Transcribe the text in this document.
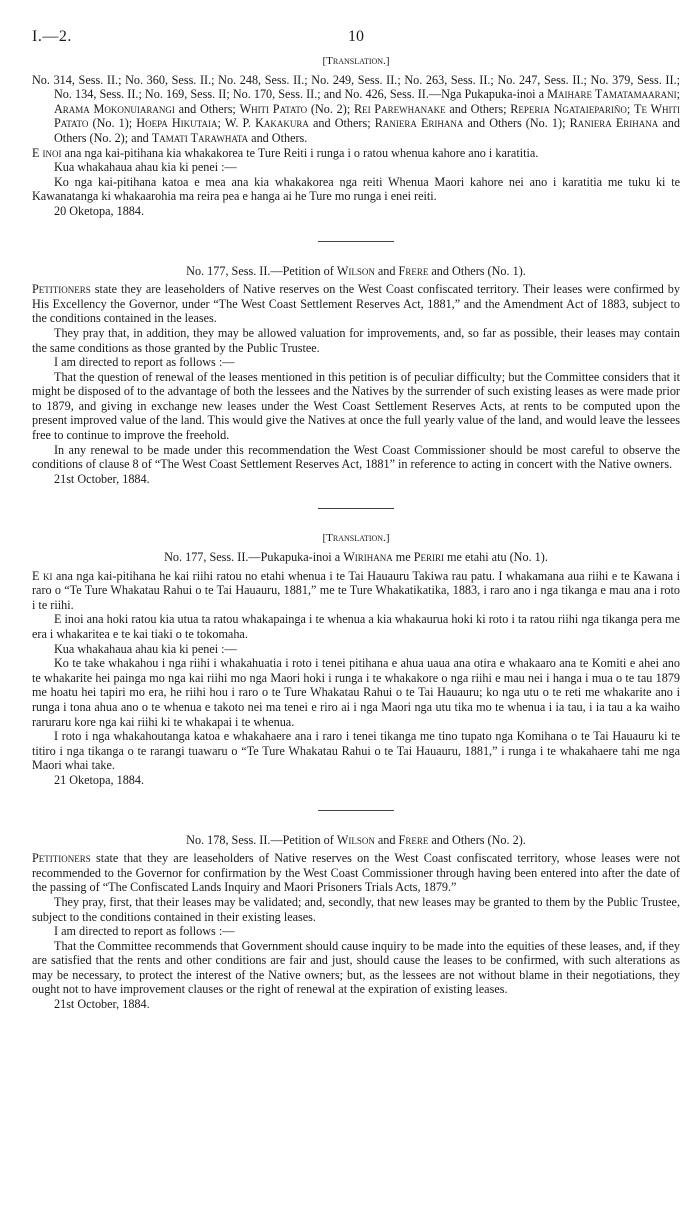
I.—2.	10

[Translation.]

No. 314, Sess. II.; No. 360, Sess. II.; No. 248, Sess. II.; No. 249, Sess. II.; No. 263, Sess. II.; No. 247, Sess. II.; No. 379, Sess. II.; No. 134, Sess. II.; No. 169, Sess. II; No. 170, Sess. II.; and No. 426, Sess. II.—Nga Pukapuka-inoi a Maihare Tamatamaarani; Arama Mokonuiarangi and Others; Whiti Patato (No. 2); Rei Parewhanake and Others; Reperia Ngataiepariño; Te Whiti Patato (No. 1); Hoepa Hikutaia; W. P. Kakakura and Others; Raniera Erihana and Others (No. 1); Raniera Erihana and Others (No. 2); and Tamati Tarawhata and Others.

E inoi ana nga kai-pitihana kia whakakorea te Ture Reiti i runga i o ratou whenua kahore ano i karatitia.

Kua whakahaua ahau kia ki penei :—

Ko nga kai-pitihana katoa e mea ana kia whakakorea nga reiti Whenua Maori kahore nei ano i karatitia me tuku ki te Kawanatanga ki whakaarohia ma reira pea e hanga ai he Ture mo runga i enei reiti.

20 Oketopa, 1884.

No. 177, Sess. II.—Petition of Wilson and Frere and Others (No. 1).

Petitioners state they are leaseholders of Native reserves on the West Coast confiscated territory. Their leases were confirmed by His Excellency the Governor, under “The West Coast Settlement Reserves Act, 1881,” and the Amendment Act of 1883, subject to the conditions contained in the leases.

They pray that, in addition, they may be allowed valuation for improvements, and, so far as possible, their leases may contain the same conditions as those granted by the Public Trustee.

I am directed to report as follows :—

That the question of renewal of the leases mentioned in this petition is of peculiar difficulty; but the Committee considers that it might be disposed of to the advantage of both the lessees and the Natives by the surrender of such existing leases as were made prior to 1879, and giving in exchange new leases under the West Coast Settlement Reserves Acts, at rents to be computed upon the present improved value of the land. This would give the Natives at once the full yearly value of the land, and would leave the lessees free to continue to improve the freehold.

In any renewal to be made under this recommendation the West Coast Commissioner should be most careful to observe the conditions of clause 8 of “The West Coast Settlement Reserves Act, 1881” in reference to acting in concert with the Native owners.

21st October, 1884.

[Translation.]

No. 177, Sess. II.—Pukapuka-inoi a Wirihana me Periri me etahi atu (No. 1).

E ki ana nga kai-pitihana he kai riihi ratou no etahi whenua i te Tai Hauauru Takiwa rau patu. I whakamana aua riihi e te Kawana i raro o “Te Ture Whakatau Rahui o te Tai Hauauru, 1881,” me te Ture Whakatikatika, 1883, i raro ano i nga tikanga e mau ana i roto i te riihi.

E inoi ana hoki ratou kia utua ta ratou whakapainga i te whenua a kia whakaurua hoki ki roto i ta ratou riihi nga tikanga pera me era i whakaritea e te kai tiaki o te tokomaha.

Kua whakahaua ahau kia ki penei :—

Ko te take whakahou i nga riihi i whakahuatia i roto i tenei pitihana e ahua uaua ana otira e whakaaro ana te Komiti e ahei ano te whakarite hei painga mo nga kai riihi mo nga Maori hoki i runga i te whakakore o nga riihi e mau nei i hanga i mua o te tau 1879 me hoatu hei tapiri mo era, he riihi hou i raro o te Ture Whakatau Rahui o te Tai Hauauru; ko nga utu o te reti me whakarite ano i runga i tona ahua ano o te whenua e takoto nei ma tenei e riro ai i nga Maori nga utu tika mo te whenua i ia tau, i ia tau a ka waiho raruraru kore nga kai riihi ki te whakapai i te whenua.

I roto i nga whakahoutanga katoa e whakahaere ana i raro i tenei tikanga me tino tupato nga Komihana o te Tai Hauauru ki te titiro i nga tikanga o te rarangi tuawaru o “Te Ture Whakatau Rahui o te Tai Hauauru, 1881,” i runga i te whakahaere tahi me nga Maori whai take.

21 Oketopa, 1884.

No. 178, Sess. II.—Petition of Wilson and Frere and Others (No. 2).

Petitioners state that they are leaseholders of Native reserves on the West Coast confiscated territory, whose leases were not recommended to the Governor for confirmation by the West Coast Commissioner through having been entered into after the date of the passing of “The Confiscated Lands Inquiry and Maori Prisoners Trials Acts, 1879.”

They pray, first, that their leases may be validated; and, secondly, that new leases may be granted to them by the Public Trustee, subject to the conditions contained in their existing leases.

I am directed to report as follows :—

That the Committee recommends that Government should cause inquiry to be made into the equities of these leases, and, if they are satisfied that the rents and other conditions are fair and just, should cause the leases to be confirmed, with such alterations as may be necessary, to protect the interest of the Native owners; but, as the lessees are not without blame in their negotiations, they ought not to have improvement clauses or the right of renewal at the expiration of existing leases.

21st October, 1884.
